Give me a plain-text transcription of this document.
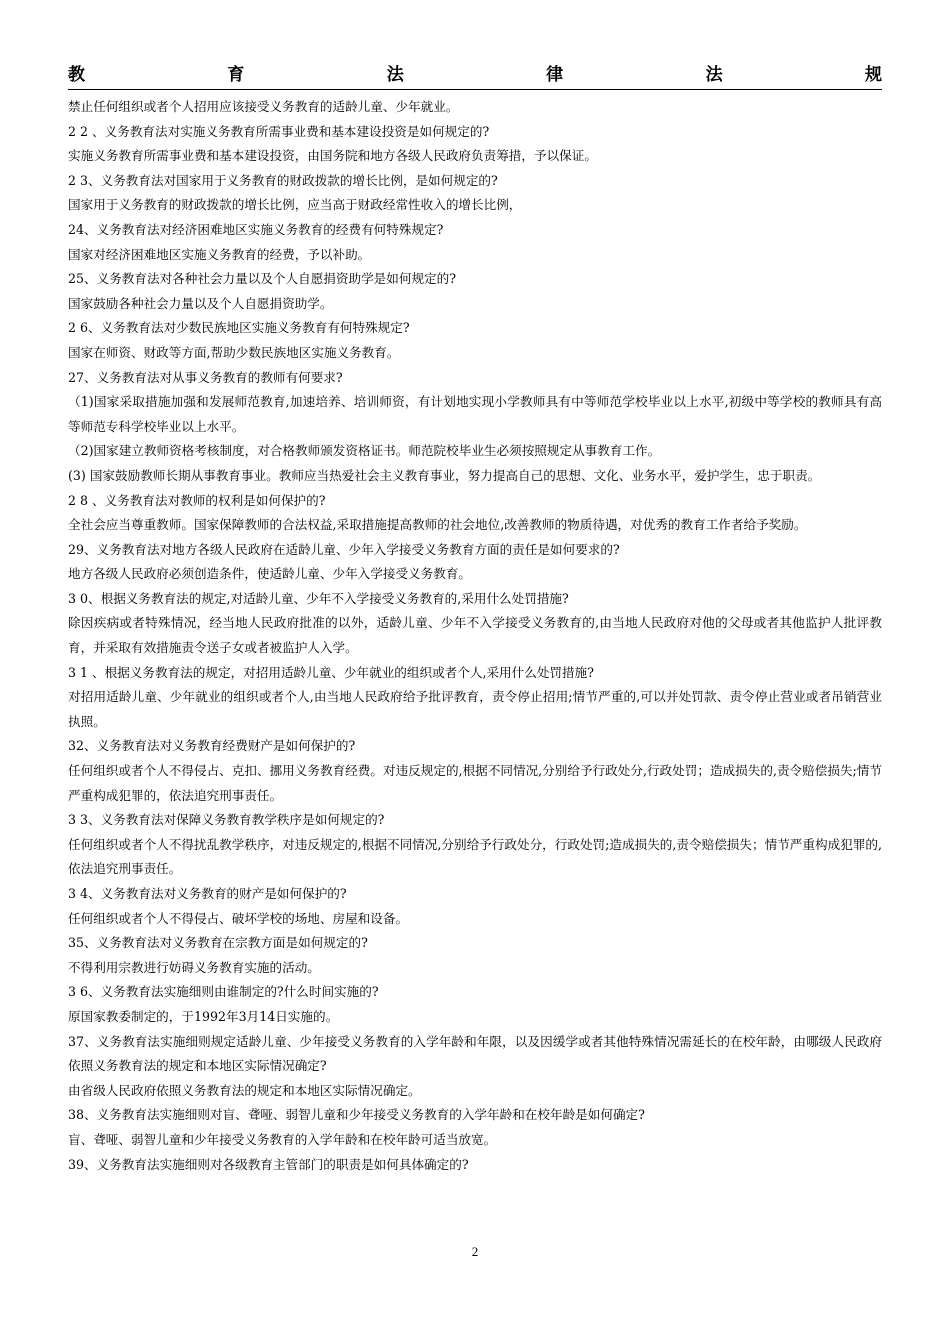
教	育	法	律	法	规
禁止任何组织或者个人招用应该接受义务教育的适龄儿童、少年就业。
2 2 、义务教育法对实施义务教育所需事业费和基本建设投资是如何规定的?
实施义务教育所需事业费和基本建设投资，由国务院和地方各级人民政府负责筹措，予以保证。
2 3、义务教育法对国家用于义务教育的财政拨款的增长比例，是如何规定的?
国家用于义务教育的财政拨款的增长比例，应当高于财政经常性收入的增长比例，
24、义务教育法对经济困难地区实施义务教育的经费有何特殊规定?
国家对经济困难地区实施义务教育的经费，予以补助。
25、义务教育法对各种社会力量以及个人自愿捐资助学是如何规定的?
国家鼓励各种社会力量以及个人自愿捐资助学。
2 6、义务教育法对少数民族地区实施义务教育有何特殊规定?
国家在师资、财政等方面,帮助少数民族地区实施义务教育。
27、义务教育法对从事义务教育的教师有何要求?
（1)国家采取措施加强和发展师范教育,加速培养、培训师资，有计划地实现小学教师具有中等师范学校毕业以上水平,初级中等学校的教师具有高等师范专科学校毕业以上水平。
（2)国家建立教师资格考核制度，对合格教师颁发资格证书。师范院校毕业生必须按照规定从事教育工作。
(3) 国家鼓励教师长期从事教育事业。教师应当热爱社会主义教育事业，努力提高自己的思想、文化、业务水平，爱护学生，忠于职责。
2 8 、义务教育法对教师的权利是如何保护的?
全社会应当尊重教师。国家保障教师的合法权益,采取措施提高教师的社会地位,改善教师的物质待遇，对优秀的教育工作者给予奖励。
29、义务教育法对地方各级人民政府在适龄儿童、少年入学接受义务教育方面的责任是如何要求的?
地方各级人民政府必须创造条件，使适龄儿童、少年入学接受义务教育。
3 0、根据义务教育法的规定,对适龄儿童、少年不入学接受义务教育的,采用什么处罚措施?
除因疾病或者特殊情况，经当地人民政府批准的以外，适龄儿童、少年不入学接受义务教育的,由当地人民政府对他的父母或者其他监护人批评教育，并采取有效措施责令送子女或者被监护人入学。
3 1 、根据义务教育法的规定，对招用适龄儿童、少年就业的组织或者个人,采用什么处罚措施?
对招用适龄儿童、少年就业的组织或者个人,由当地人民政府给予批评教育，责令停止招用;情节严重的,可以并处罚款、责令停止营业或者吊销营业执照。
32、义务教育法对义务教育经费财产是如何保护的?
任何组织或者个人不得侵占、克扣、挪用义务教育经费。对违反规定的,根据不同情况,分别给予行政处分,行政处罚；造成损失的,责令赔偿损失;情节严重构成犯罪的，依法追究刑事责任。
3 3、义务教育法对保障义务教育教学秩序是如何规定的?
任何组织或者个人不得扰乱教学秩序，对违反规定的,根据不同情况,分别给予行政处分，行政处罚;造成损失的,责令赔偿损失；情节严重构成犯罪的,依法追究刑事责任。
3 4、义务教育法对义务教育的财产是如何保护的?
任何组织或者个人不得侵占、破坏学校的场地、房屋和设备。
35、义务教育法对义务教育在宗教方面是如何规定的?
不得利用宗教进行妨碍义务教育实施的活动。
3 6、义务教育法实施细则由谁制定的?什么时间实施的?
原国家教委制定的，于1992年3月14日实施的。
37、义务教育法实施细则规定适龄儿童、少年接受义务教育的入学年龄和年限，以及因缓学或者其他特殊情况需延长的在校年龄，由哪级人民政府依照义务教育法的规定和本地区实际情况确定?
由省级人民政府依照义务教育法的规定和本地区实际情况确定。
38、义务教育法实施细则对盲、聋哑、弱智儿童和少年接受义务教育的入学年龄和在校年龄是如何确定?
盲、聋哑、弱智儿童和少年接受义务教育的入学年龄和在校年龄可适当放宽。
39、义务教育法实施细则对各级教育主管部门的职责是如何具体确定的?
2
